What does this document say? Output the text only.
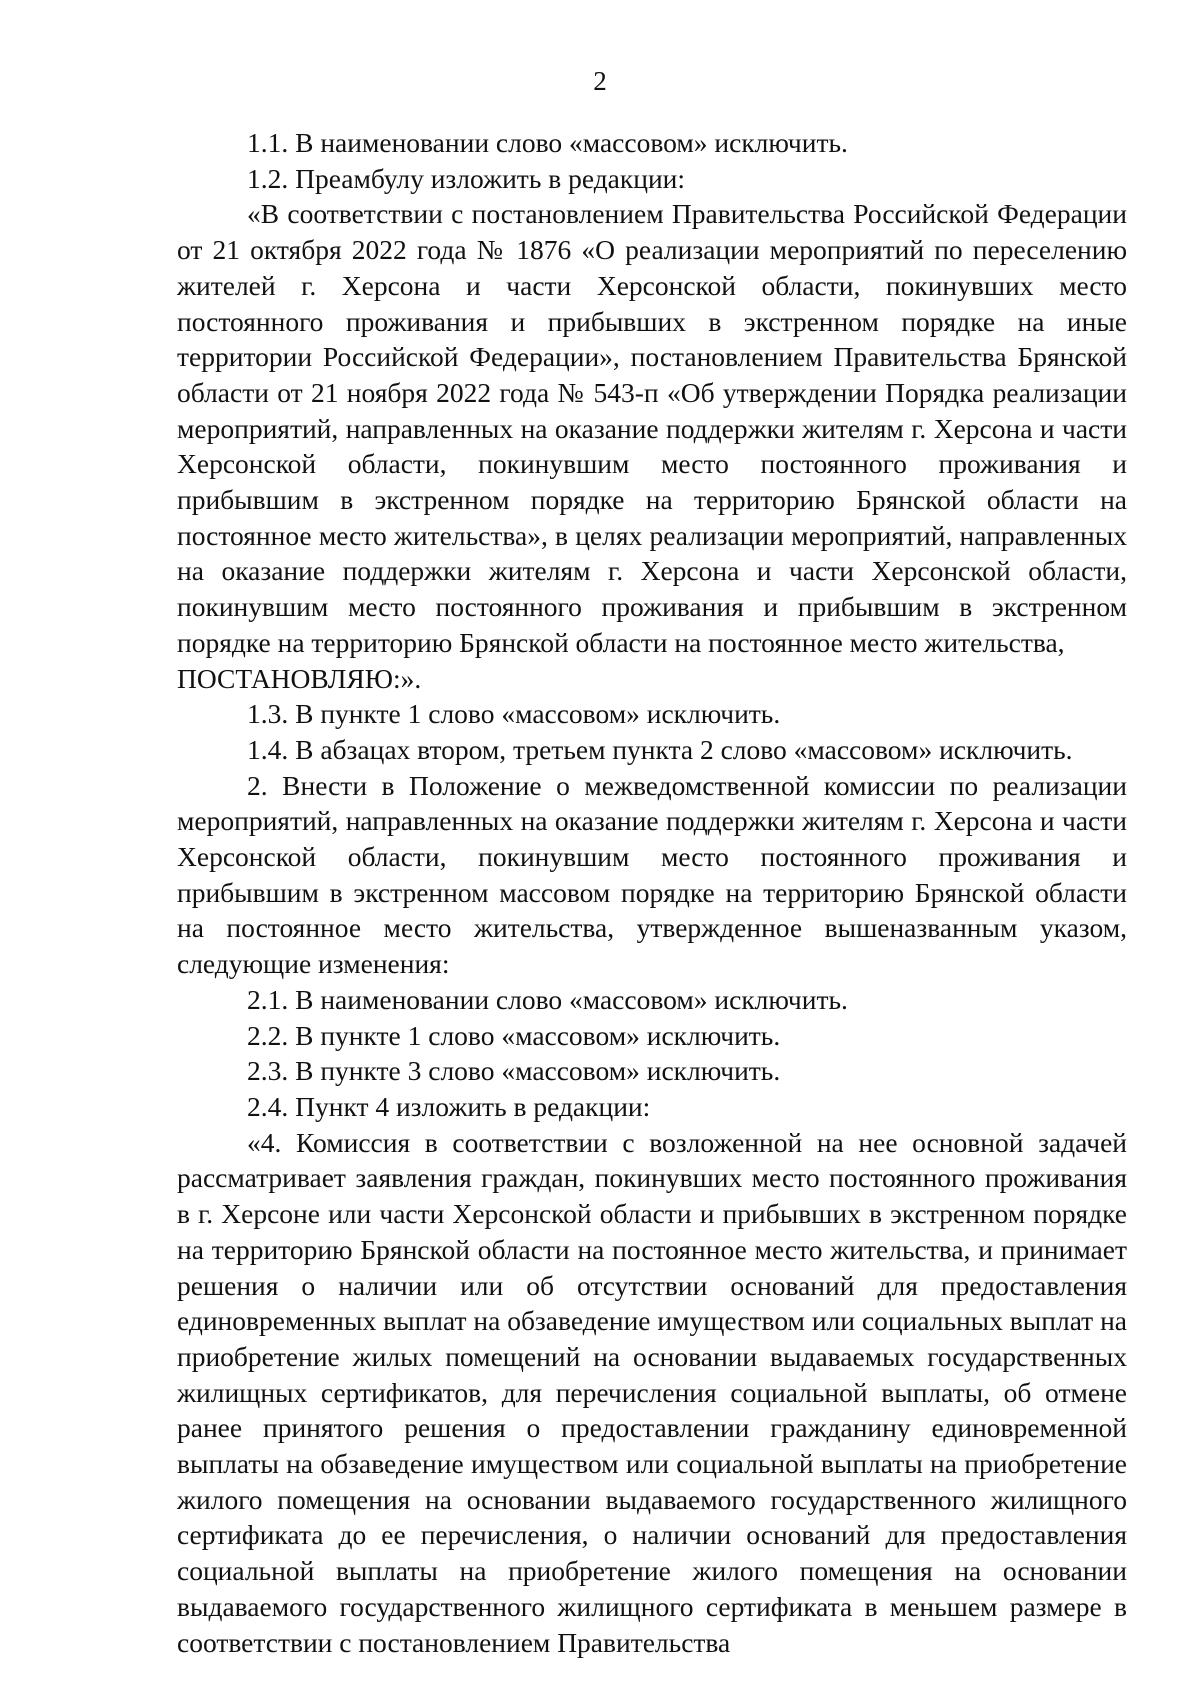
2

1.1. В наименовании слово «массовом» исключить.

1.2. Преамбулу изложить в редакции:

«В соответствии с постановлением Правительства Российской Федерации от 21 октября 2022 года № 1876 «О реализации мероприятий по переселению жителей г. Херсона и части Херсонской области, покинувших место постоянного проживания и прибывших в экстренном порядке на иные территории Российской Федерации», постановлением Правительства Брянской области от 21 ноября 2022 года № 543-п «Об утверждении Порядка реализации мероприятий, направленных на оказание поддержки жителям г. Херсона и части Херсонской области, покинувшим место постоянного проживания и прибывшим в экстренном порядке на территорию Брянской области на постоянное место жительства», в целях реализации мероприятий, направленных на оказание поддержки жителям г. Херсона и части Херсонской области, покинувшим место постоянного проживания и прибывшим в экстренном порядке на территорию Брянской области на постоянное место жительства,

ПОСТАНОВЛЯЮ:».

1.3. В пункте 1 слово «массовом» исключить.

1.4. В абзацах втором, третьем пункта 2 слово «массовом» исключить.

2. Внести в Положение о межведомственной комиссии по реализации мероприятий, направленных на оказание поддержки жителям г. Херсона и части Херсонской области, покинувшим место постоянного проживания и прибывшим в экстренном массовом порядке на территорию Брянской области на постоянное место жительства, утвержденное вышеназванным указом, следующие изменения:

2.1. В наименовании слово «массовом» исключить.

2.2. В пункте 1 слово «массовом» исключить.

2.3. В пункте 3 слово «массовом» исключить.

2.4. Пункт 4 изложить в редакции:

«4. Комиссия в соответствии с возложенной на нее основной задачей рассматривает заявления граждан, покинувших место постоянного проживания в г. Херсоне или части Херсонской области и прибывших в экстренном порядке на территорию Брянской области на постоянное место жительства, и принимает решения о наличии или об отсутствии оснований для предоставления единовременных выплат на обзаведение имуществом или социальных выплат на приобретение жилых помещений на основании выдаваемых государственных жилищных сертификатов, для перечисления социальной выплаты, об отмене ранее принятого решения о предоставлении гражданину единовременной выплаты на обзаведение имуществом или социальной выплаты на приобретение жилого помещения на основании выдаваемого государственного жилищного сертификата до ее перечисления, о наличии оснований для предоставления социальной выплаты на приобретение жилого помещения на основании выдаваемого государственного жилищного сертификата в меньшем размере в соответствии с постановлением Правительства
